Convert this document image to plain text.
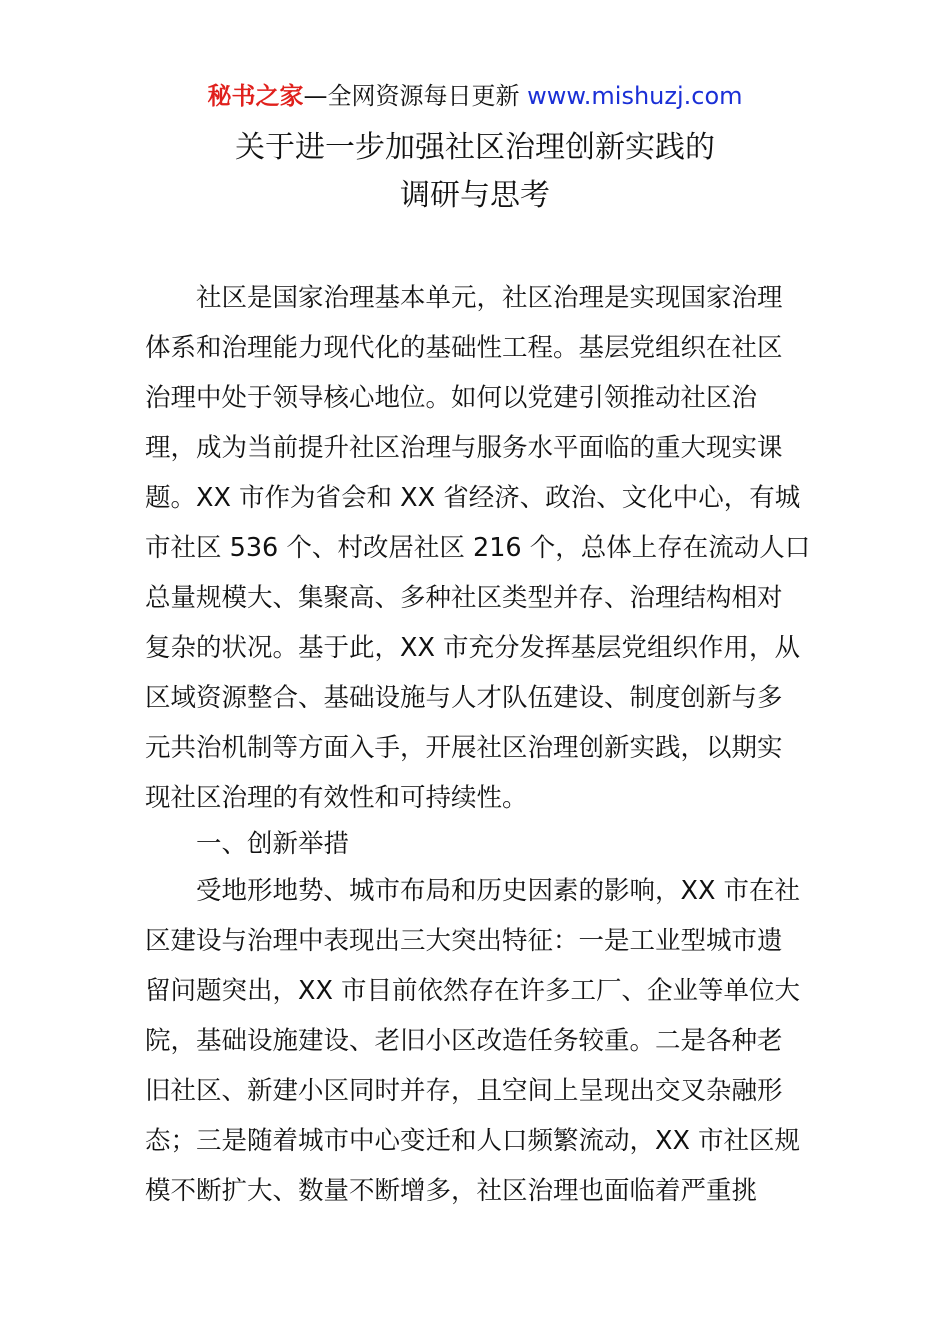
秘书之家—全网资源每日更新 www.mishuzj.com
关于进一步加强社区治理创新实践的
调研与思考
社区是国家治理基本单元，社区治理是实现国家治理
体系和治理能力现代化的基础性工程。基层党组织在社区
治理中处于领导核心地位。如何以党建引领推动社区治
理，成为当前提升社区治理与服务水平面临的重大现实课
题。XX 市作为省会和 XX 省经济、政治、文化中心，有城
市社区 536 个、村改居社区 216 个，总体上存在流动人口
总量规模大、集聚高、多种社区类型并存、治理结构相对
复杂的状况。基于此，XX 市充分发挥基层党组织作用，从
区域资源整合、基础设施与人才队伍建设、制度创新与多
元共治机制等方面入手，开展社区治理创新实践，以期实
现社区治理的有效性和可持续性。
一、创新举措
受地形地势、城市布局和历史因素的影响，XX 市在社
区建设与治理中表现出三大突出特征：一是工业型城市遗
留问题突出，XX 市目前依然存在许多工厂、企业等单位大
院，基础设施建设、老旧小区改造任务较重。二是各种老
旧社区、新建小区同时并存，且空间上呈现出交叉杂融形
态；三是随着城市中心变迁和人口频繁流动，XX 市社区规
模不断扩大、数量不断增多，社区治理也面临着严重挑
